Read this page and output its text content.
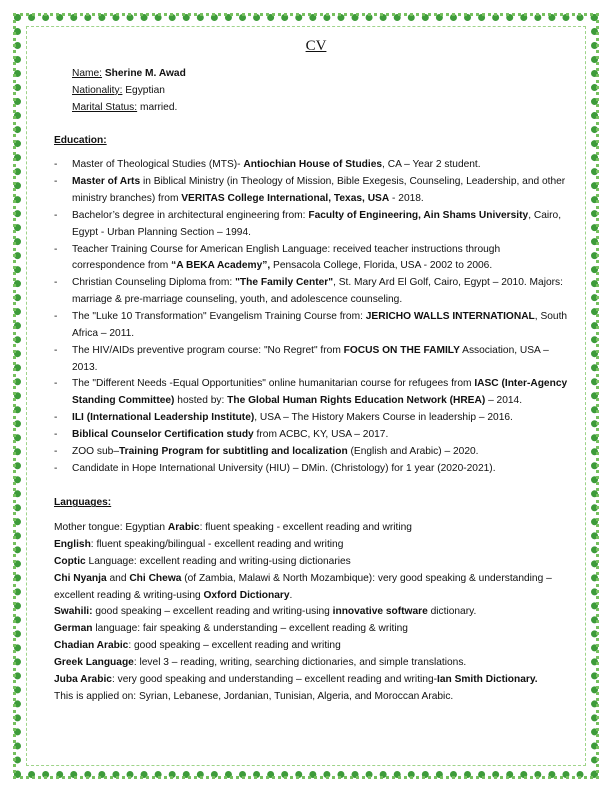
CV
Name: Sherine M. Awad
Nationality: Egyptian
Marital Status: married.
Education:
- Master of Theological Studies (MTS)- Antiochian House of Studies, CA – Year 2 student.
- Master of Arts in Biblical Ministry (in Theology of Mission, Bible Exegesis, Counseling, Leadership, and other ministry branches) from VERITAS College International, Texas, USA - 2018.
- Bachelor’s degree in architectural engineering from: Faculty of Engineering, Ain Shams University, Cairo, Egypt - Urban Planning Section – 1994.
- Teacher Training Course for American English Language: received teacher instructions through correspondence from “A BEKA Academy”, Pensacola College, Florida, USA - 2002 to 2006.
- Christian Counseling Diploma from: "The Family Center", St. Mary Ard El Golf, Cairo, Egypt – 2010. Majors: marriage & pre-marriage counseling, youth, and adolescence counseling.
- The "Luke 10 Transformation" Evangelism Training Course from: JERICHO WALLS INTERNATIONAL, South Africa – 2011.
- The HIV/AIDs preventive program course: "No Regret" from FOCUS ON THE FAMILY Association, USA – 2013.
- The "Different Needs -Equal Opportunities" online humanitarian course for refugees from IASC (Inter-Agency Standing Committee) hosted by: The Global Human Rights Education Network (HREA) – 2014.
- ILI (International Leadership Institute), USA – The History Makers Course in leadership – 2016.
- Biblical Counselor Certification study from ACBC, KY, USA – 2017.
- ZOO sub–Training Program for subtitling and localization (English and Arabic) – 2020.
- Candidate in Hope International University (HIU) – DMin. (Christology) for 1 year (2020-2021).
Languages:

Mother tongue: Egyptian Arabic: fluent speaking - excellent reading and writing

English: fluent speaking/bilingual - excellent reading and writing

Coptic Language: excellent reading and writing-using dictionaries

Chi Nyanja and Chi Chewa (of Zambia, Malawi & North Mozambique): very good speaking & understanding – excellent reading & writing-using Oxford Dictionary.

Swahili: good speaking – excellent reading and writing-using innovative software dictionary.

German language: fair speaking & understanding – excellent reading & writing

Chadian Arabic: good speaking – excellent reading and writing

Greek Language: level 3 – reading, writing, searching dictionaries, and simple translations.

Juba Arabic: very good speaking and understanding – excellent reading and writing-Ian Smith Dictionary.

This is applied on: Syrian, Lebanese, Jordanian, Tunisian, Algeria, and Moroccan Arabic.
